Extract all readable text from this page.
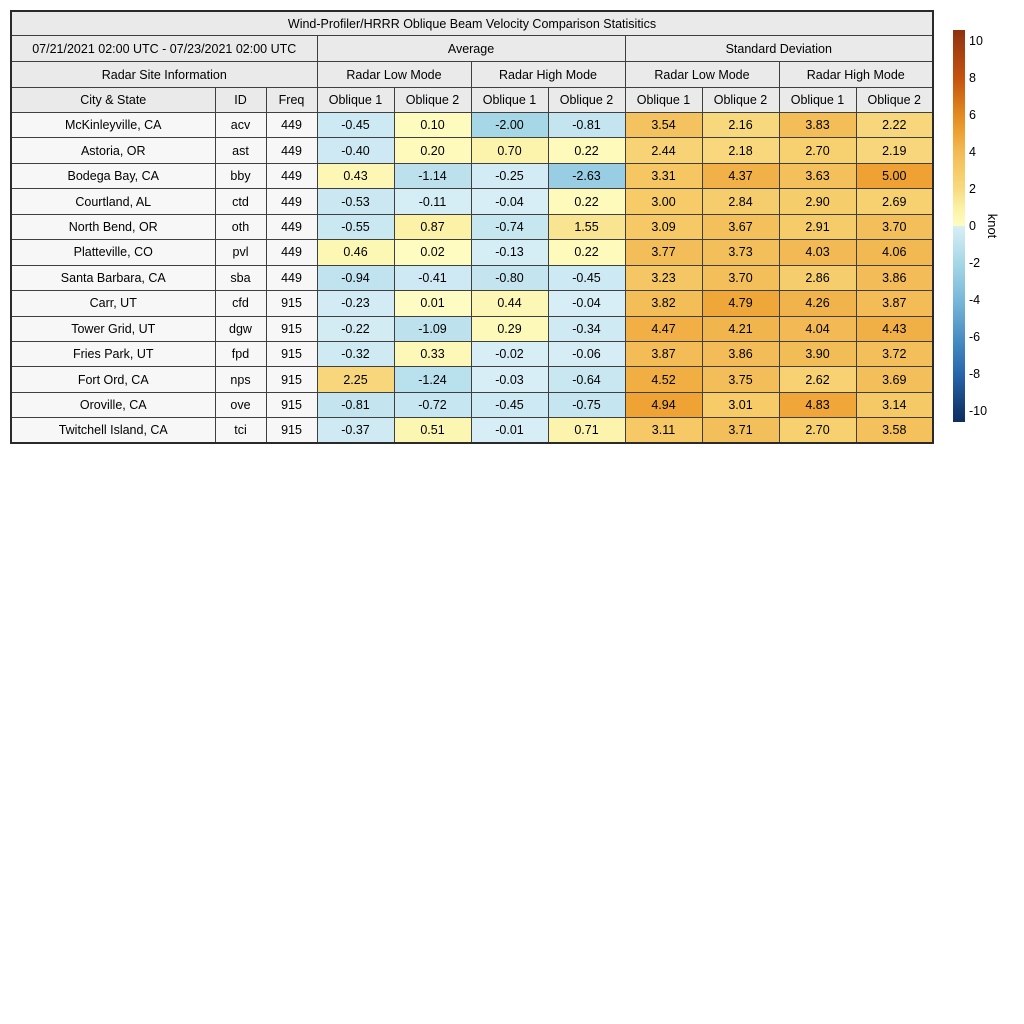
Wind-Profiler/HRRR Oblique Beam Velocity Comparison Statisitics										
07/21/2021 02:00 UTC - 07/23/2021 02:00 UTC			Average				Standard Deviation			
Radar Site Information			Radar Low Mode		Radar High Mode		Radar Low Mode		Radar High Mode	
City & State	ID	Freq	Oblique 1	Oblique 2	Oblique 1	Oblique 2	Oblique 1	Oblique 2	Oblique 1	Oblique 2
McKinleyville, CA	acv	449	-0.45	0.10	-2.00	-0.81	3.54	2.16	3.83	2.22
Astoria, OR	ast	449	-0.40	0.20	0.70	0.22	2.44	2.18	2.70	2.19
Bodega Bay, CA	bby	449	0.43	-1.14	-0.25	-2.63	3.31	4.37	3.63	5.00
Courtland, AL	ctd	449	-0.53	-0.11	-0.04	0.22	3.00	2.84	2.90	2.69
North Bend, OR	oth	449	-0.55	0.87	-0.74	1.55	3.09	3.67	2.91	3.70
Platteville, CO	pvl	449	0.46	0.02	-0.13	0.22	3.77	3.73	4.03	4.06
Santa Barbara, CA	sba	449	-0.94	-0.41	-0.80	-0.45	3.23	3.70	2.86	3.86
Carr, UT	cfd	915	-0.23	0.01	0.44	-0.04	3.82	4.79	4.26	3.87
Tower Grid, UT	dgw	915	-0.22	-1.09	0.29	-0.34	4.47	4.21	4.04	4.43
Fries Park, UT	fpd	915	-0.32	0.33	-0.02	-0.06	3.87	3.86	3.90	3.72
Fort Ord, CA	nps	915	2.25	-1.24	-0.03	-0.64	4.52	3.75	2.62	3.69
Oroville, CA	ove	915	-0.81	-0.72	-0.45	-0.75	4.94	3.01	4.83	3.14
Twitchell Island, CA	tci	915	-0.37	0.51	-0.01	0.71	3.11	3.71	2.70	3.58
knot
10
8
6
4
2
0
-2
-4
-6
-8
-10
